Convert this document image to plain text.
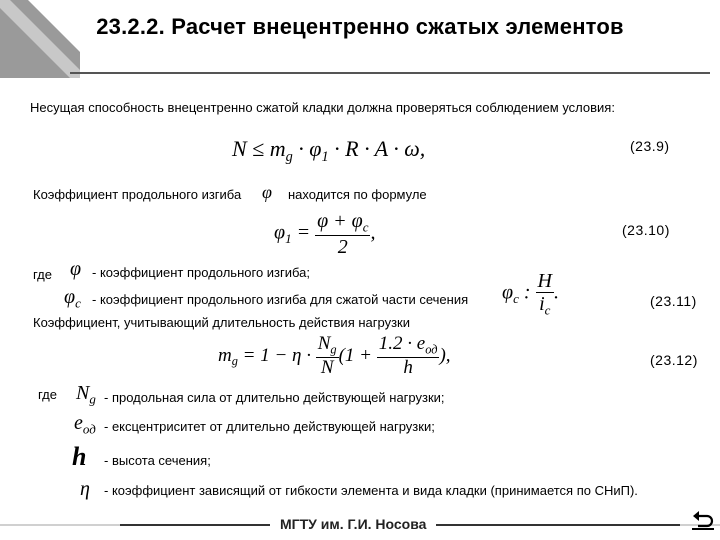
23.2.2. Расчет внецентренно сжатых элементов
Несущая способность внецентренно сжатой кладки должна проверяться соблюдением условия:
(23.9)
$N \le m_g \cdot \varphi_1 \cdot R \cdot A \cdot \omega$,
Коэффициент продольного изгиба φ находится по формуле
(23.10)
$\varphi_1 = \frac{\varphi + \varphi_c}{2}$ ,
где φ - коэффициент продольного изгиба;
$\varphi_c$ - коэффициент продольного изгиба для сжатой части сечения $\varphi_c$ : $\frac{H}{i_c}$ .	(23.11)
Коэффициент, учитывающий длительность действия нагрузки
$m_g = 1 - \eta \cdot \frac{N_g}{N} (1 + \frac{1.2 \cdot e_{од}}{h}$ ),	(23.12)
где $N_g$ - продольная сила от длительно действующей нагрузки;
$e_{од}$ - ексцентриситет от длительно действующей нагрузки;
h - высота сечения;
η - коэффициент зависящий от гибкости элемента и вида кладки (принимается по СНиП).
МГТУ им. Г.И. Носова
